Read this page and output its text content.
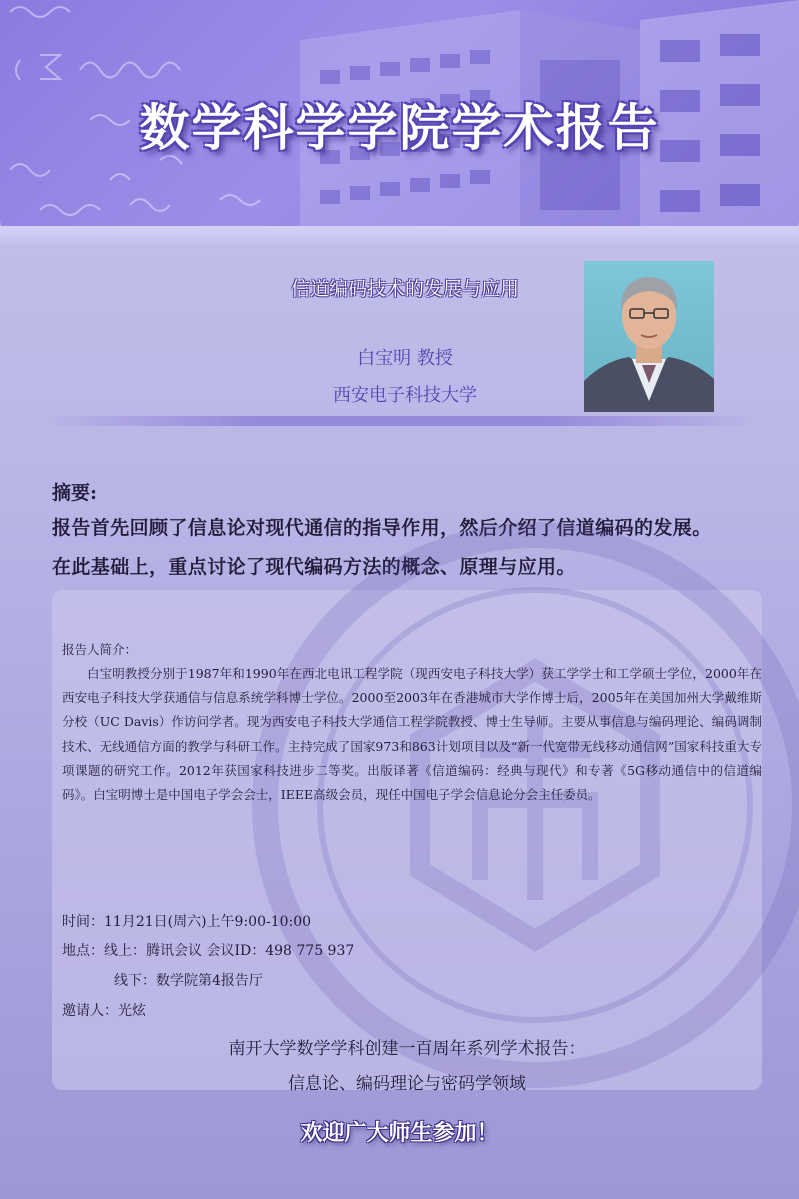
数学科学学院学术报告
信道编码技术的发展与应用
白宝明 教授
西安电子科技大学
摘要:
报告首先回顾了信息论对现代通信的指导作用，然后介绍了信道编码的发展。
在此基础上，重点讨论了现代编码方法的概念、原理与应用。
报告人简介：
白宝明教授分别于1987年和1990年在西北电讯工程学院（现西安电子科技大学）获工学学士和工学硕士学位，2000年在西安电子科技大学获通信与信息系统学科博士学位。2000至2003年在香港城市大学作博士后，2005年在美国加州大学戴维斯分校（UC Davis）作访问学者。现为西安电子科技大学通信工程学院教授、博士生导师。主要从事信息与编码理论、编码调制技术、无线通信方面的教学与科研工作。主持完成了国家973和863计划项目以及“新一代宽带无线移动通信网”国家科技重大专项课题的研究工作。2012年获国家科技进步二等奖。出版译著《信道编码：经典与现代》和专著《5G移动通信中的信道编码》。白宝明博士是中国电子学会会士，IEEE高级会员，现任中国电子学会信息论分会主任委员。
时间：11月21日(周六)上午9:00-10:00
地点：线上：腾讯会议 会议ID：498 775 937
线下：数学院第4报告厅
邀请人：光炫
南开大学数学学科创建一百周年系列学术报告：
信息论、编码理论与密码学领域
欢迎广大师生参加！
